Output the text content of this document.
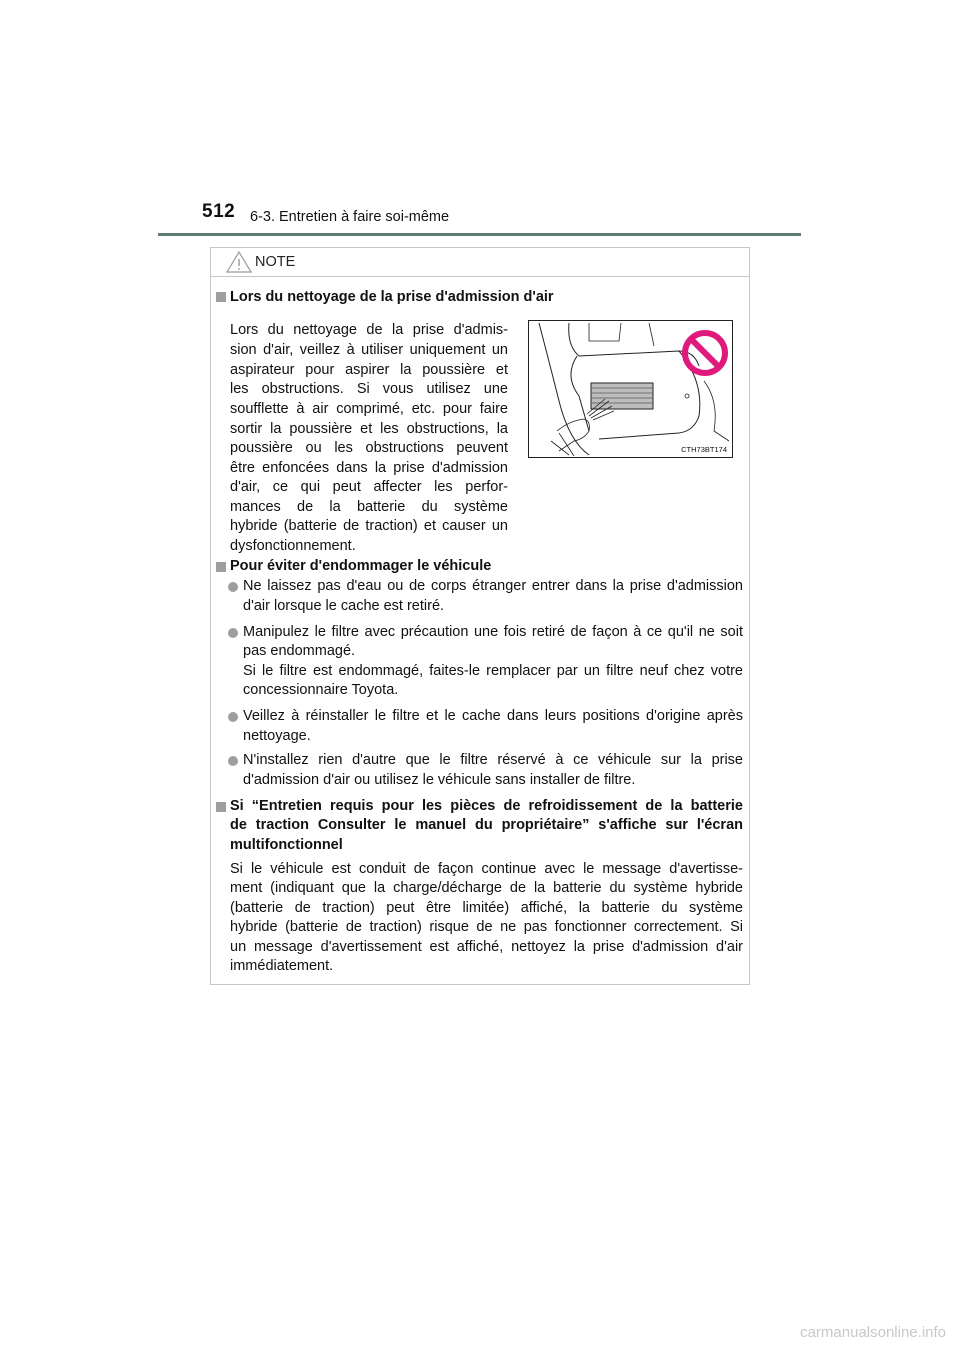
512 6-3. Entretien à faire soi-même
NOTE
Lors du nettoyage de la prise d'admission d'air
Lors du nettoyage de la prise d'admis-
sion d'air, veillez à utiliser uniquement un
aspirateur pour aspirer la poussière et
les obstructions. Si vous utilisez une
soufflette à air comprimé, etc. pour faire
sortir la poussière et les obstructions, la
poussière ou les obstructions peuvent
être enfoncées dans la prise d'admission
d'air, ce qui peut affecter les perfor-
mances de la batterie du système
hybride (batterie de traction) et causer un
dysfonctionnement.
CTH73BT174
Pour éviter d'endommager le véhicule
Ne laissez pas d'eau ou de corps étranger entrer dans la prise d'admission
d'air lorsque le cache est retiré.
Manipulez le filtre avec précaution une fois retiré de façon à ce qu'il ne soit
pas endommagé.
Si le filtre est endommagé, faites-le remplacer par un filtre neuf chez votre
concessionnaire Toyota.
Veillez à réinstaller le filtre et le cache dans leurs positions d'origine après
nettoyage.
N'installez rien d'autre que le filtre réservé à ce véhicule sur la prise
d'admission d'air ou utilisez le véhicule sans installer de filtre.
Si “Entretien requis pour les pièces de refroidissement de la batterie
de traction Consulter le manuel du propriétaire” s'affiche sur l'écran
multifonctionnel
Si le véhicule est conduit de façon continue avec le message d'avertisse-
ment (indiquant que la charge/décharge de la batterie du système hybride
(batterie de traction) peut être limitée) affiché, la batterie du système
hybride (batterie de traction) risque de ne pas fonctionner correctement. Si
un message d'avertissement est affiché, nettoyez la prise d'admission d'air
immédiatement.
carmanualsonline.info
